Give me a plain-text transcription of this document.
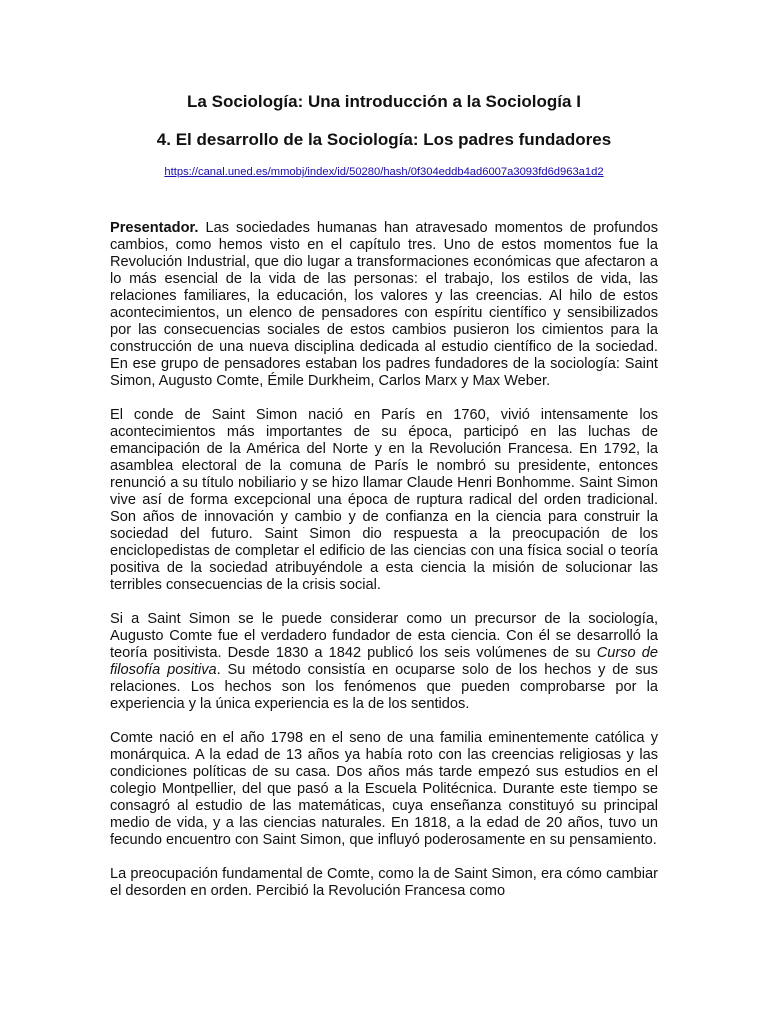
La Sociología: Una introducción a la Sociología I
4. El desarrollo de la Sociología: Los padres fundadores
https://canal.uned.es/mmobj/index/id/50280/hash/0f304eddb4ad6007a3093fd6d963a1d2

Presentador. Las sociedades humanas han atravesado momentos de profundos cambios, como hemos visto en el capítulo tres. Uno de estos momentos fue la Revolución Industrial, que dio lugar a transformaciones económicas que afectaron a lo más esencial de la vida de las personas: el trabajo, los estilos de vida, las relaciones familiares, la educación, los valores y las creencias. Al hilo de estos acontecimientos, un elenco de pensadores con espíritu científico y sensibilizados por las consecuencias sociales de estos cambios pusieron los cimientos para la construcción de una nueva disciplina dedicada al estudio científico de la sociedad. En ese grupo de pensadores estaban los padres fundadores de la sociología: Saint Simon, Augusto Comte, Émile Durkheim, Carlos Marx y Max Weber.

El conde de Saint Simon nació en París en 1760, vivió intensamente los acontecimientos más importantes de su época, participó en las luchas de emancipación de la América del Norte y en la Revolución Francesa. En 1792, la asamblea electoral de la comuna de París le nombró su presidente, entonces renunció a su título nobiliario y se hizo llamar Claude Henri Bonhomme. Saint Simon vive así de forma excepcional una época de ruptura radical del orden tradicional. Son años de innovación y cambio y de confianza en la ciencia para construir la sociedad del futuro. Saint Simon dio respuesta a la preocupación de los enciclopedistas de completar el edificio de las ciencias con una física social o teoría positiva de la sociedad atribuyéndole a esta ciencia la misión de solucionar las terribles consecuencias de la crisis social.

Si a Saint Simon se le puede considerar como un precursor de la sociología, Augusto Comte fue el verdadero fundador de esta ciencia. Con él se desarrolló la teoría positivista. Desde 1830 a 1842 publicó los seis volúmenes de su Curso de filosofía positiva. Su método consistía en ocuparse solo de los hechos y de sus relaciones. Los hechos son los fenómenos que pueden comprobarse por la experiencia y la única experiencia es la de los sentidos.

Comte nació en el año 1798 en el seno de una familia eminentemente católica y monárquica. A la edad de 13 años ya había roto con las creencias religiosas y las condiciones políticas de su casa. Dos años más tarde empezó sus estudios en el colegio Montpellier, del que pasó a la Escuela Politécnica. Durante este tiempo se consagró al estudio de las matemáticas, cuya enseñanza constituyó su principal medio de vida, y a las ciencias naturales. En 1818, a la edad de 20 años, tuvo un fecundo encuentro con Saint Simon, que influyó poderosamente en su pensamiento.

La preocupación fundamental de Comte, como la de Saint Simon, era cómo cambiar el desorden en orden. Percibió la Revolución Francesa como
